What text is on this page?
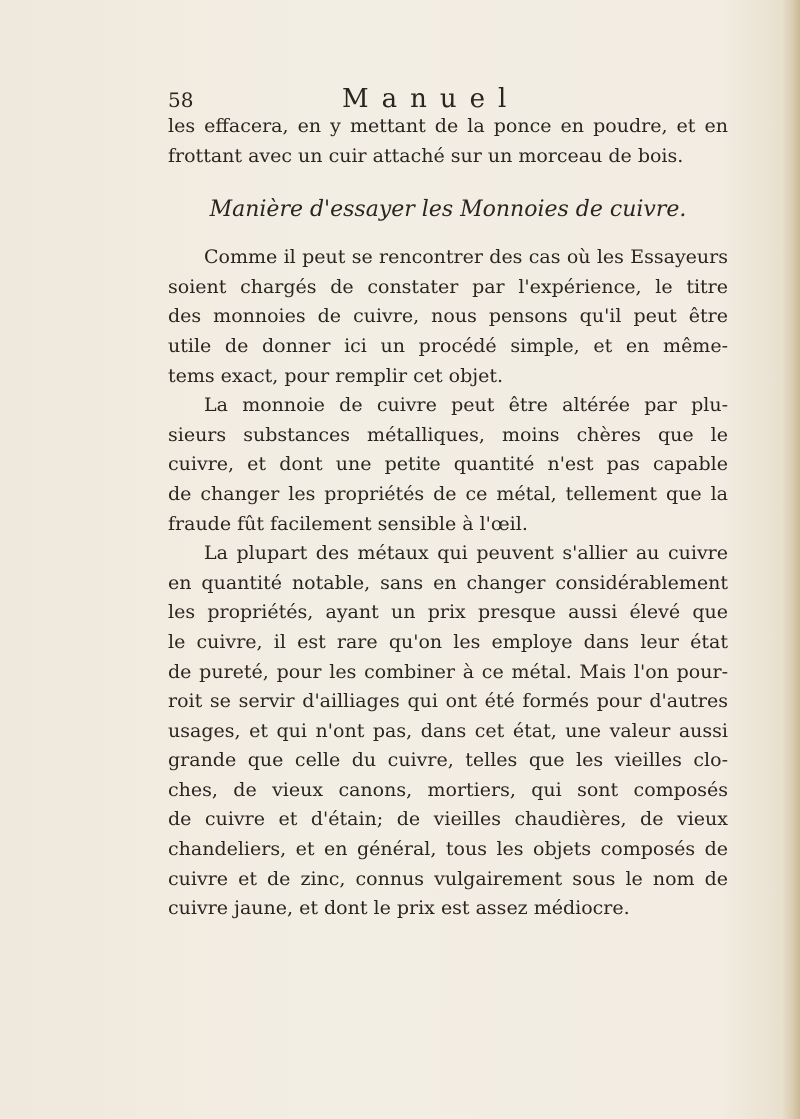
58	Manuel

les effacera, en y mettant de la ponce en poudre, et en
frottant avec un cuir attaché sur un morceau de bois.

Manière d'essayer les Monnoies de cuivre.

Comme il peut se rencontrer des cas où les Essayeurs
soient chargés de constater par l'expérience, le titre
des monnoies de cuivre, nous pensons qu'il peut être
utile de donner ici un procédé simple, et en même-
tems exact, pour remplir cet objet.

La monnoie de cuivre peut être altérée par plu-
sieurs substances métalliques, moins chères que le
cuivre, et dont une petite quantité n'est pas capable
de changer les propriétés de ce métal, tellement que la
fraude fût facilement sensible à l'œil.

La plupart des métaux qui peuvent s'allier au cuivre
en quantité notable, sans en changer considérablement
les propriétés, ayant un prix presque aussi élevé que
le cuivre, il est rare qu'on les employe dans leur état
de pureté, pour les combiner à ce métal. Mais l'on pour-
roit se servir d'ailliages qui ont été formés pour d'autres
usages, et qui n'ont pas, dans cet état, une valeur aussi
grande que celle du cuivre, telles que les vieilles clo-
ches, de vieux canons, mortiers, qui sont composés
de cuivre et d'étain; de vieilles chaudières, de vieux
chandeliers, et en général, tous les objets composés de
cuivre et de zinc, connus vulgairement sous le nom de
cuivre jaune, et dont le prix est assez médiocre.
